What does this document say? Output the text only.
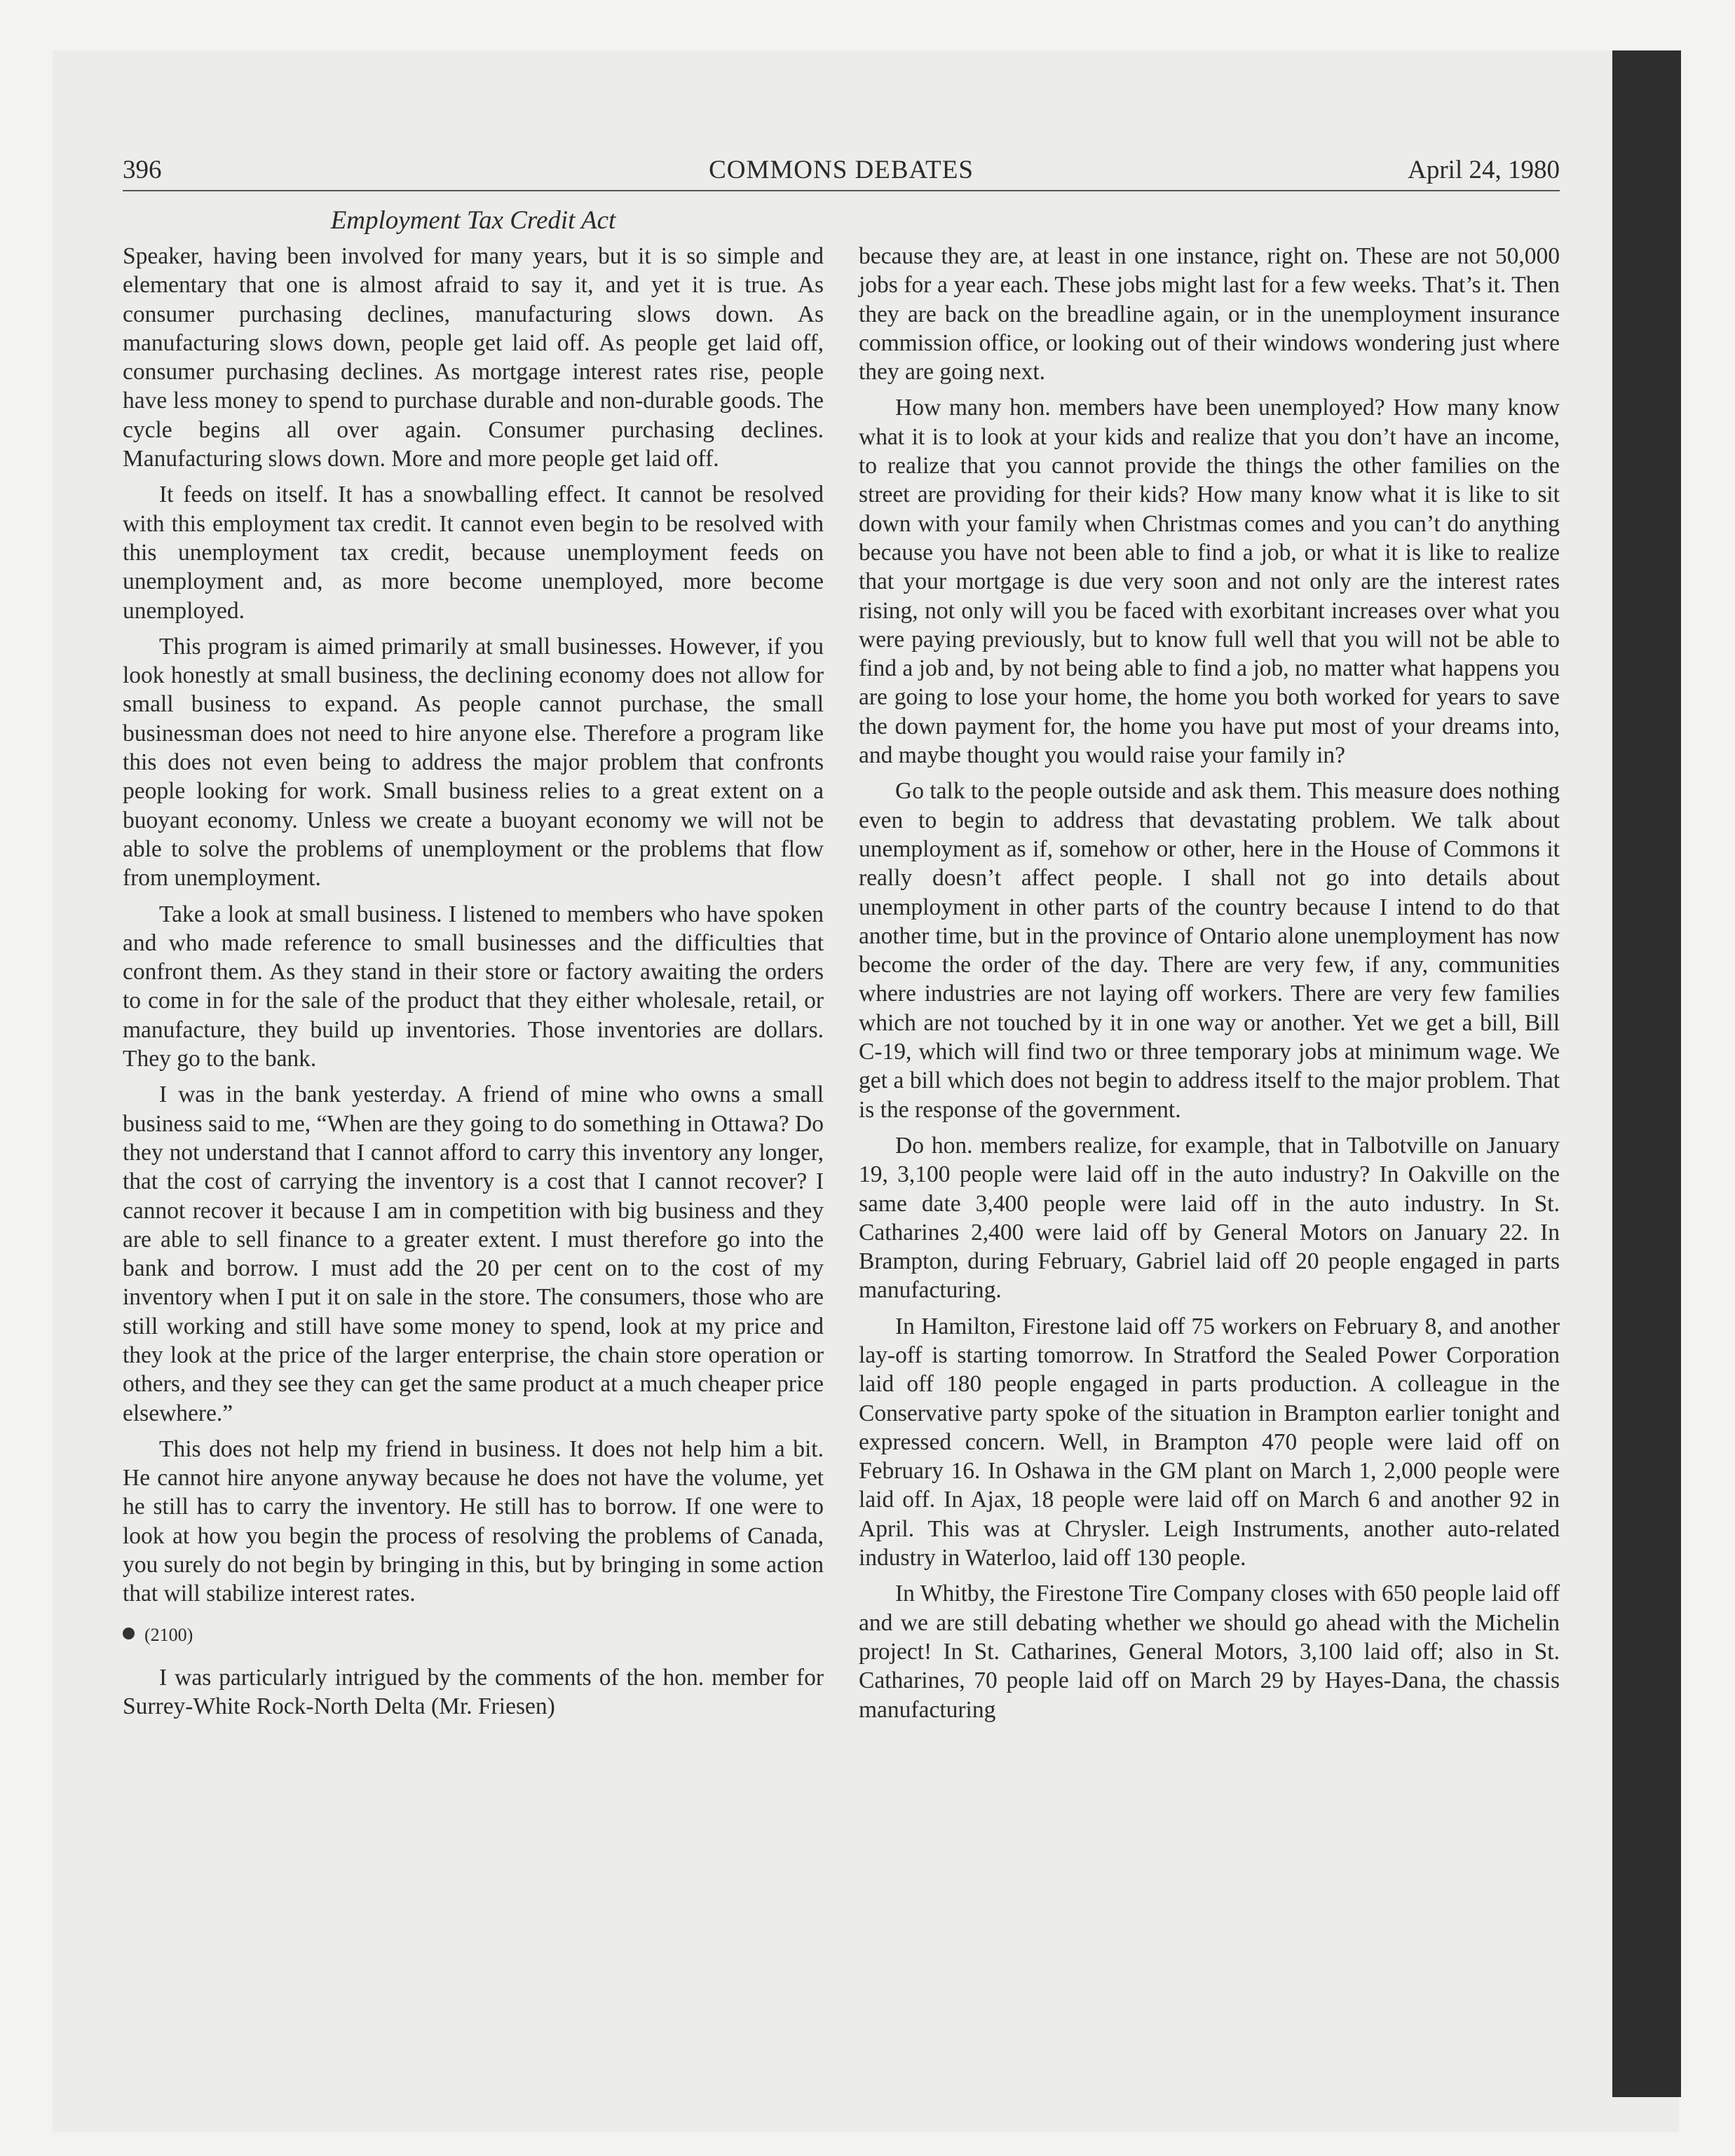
396	COMMONS DEBATES	April 24, 1980
Employment Tax Credit Act

Speaker, having been involved for many years, but it is so simple and elementary that one is almost afraid to say it, and yet it is true. As consumer purchasing declines, manufacturing slows down. As manufacturing slows down, people get laid off. As people get laid off, consumer purchasing declines. As mortgage interest rates rise, people have less money to spend to purchase durable and non-durable goods. The cycle begins all over again. Consumer purchasing declines. Manufacturing slows down. More and more people get laid off.

It feeds on itself. It has a snowballing effect. It cannot be resolved with this employment tax credit. It cannot even begin to be resolved with this unemployment tax credit, because unemployment feeds on unemployment and, as more become unemployed, more become unemployed.

This program is aimed primarily at small businesses. However, if you look honestly at small business, the declining economy does not allow for small business to expand. As people cannot purchase, the small businessman does not need to hire anyone else. Therefore a program like this does not even being to address the major problem that confronts people looking for work. Small business relies to a great extent on a buoyant economy. Unless we create a buoyant economy we will not be able to solve the problems of unemployment or the problems that flow from unemployment.

Take a look at small business. I listened to members who have spoken and who made reference to small businesses and the difficulties that confront them. As they stand in their store or factory awaiting the orders to come in for the sale of the product that they either wholesale, retail, or manufacture, they build up inventories. Those inventories are dollars. They go to the bank.

I was in the bank yesterday. A friend of mine who owns a small business said to me, “When are they going to do something in Ottawa? Do they not understand that I cannot afford to carry this inventory any longer, that the cost of carrying the inventory is a cost that I cannot recover? I cannot recover it because I am in competition with big business and they are able to sell finance to a greater extent. I must therefore go into the bank and borrow. I must add the 20 per cent on to the cost of my inventory when I put it on sale in the store. The consumers, those who are still working and still have some money to spend, look at my price and they look at the price of the larger enterprise, the chain store operation or others, and they see they can get the same product at a much cheaper price elsewhere.”

This does not help my friend in business. It does not help him a bit. He cannot hire anyone anyway because he does not have the volume, yet he still has to carry the inventory. He still has to borrow. If one were to look at how you begin the process of resolving the problems of Canada, you surely do not begin by bringing in this, but by bringing in some action that will stabilize interest rates.

(2100)

I was particularly intrigued by the comments of the hon. member for Surrey-White Rock-North Delta (Mr. Friesen)

because they are, at least in one instance, right on. These are not 50,000 jobs for a year each. These jobs might last for a few weeks. That’s it. Then they are back on the breadline again, or in the unemployment insurance commission office, or looking out of their windows wondering just where they are going next.

How many hon. members have been unemployed? How many know what it is to look at your kids and realize that you don’t have an income, to realize that you cannot provide the things the other families on the street are providing for their kids? How many know what it is like to sit down with your family when Christmas comes and you can’t do anything because you have not been able to find a job, or what it is like to realize that your mortgage is due very soon and not only are the interest rates rising, not only will you be faced with exorbitant increases over what you were paying previously, but to know full well that you will not be able to find a job and, by not being able to find a job, no matter what happens you are going to lose your home, the home you both worked for years to save the down payment for, the home you have put most of your dreams into, and maybe thought you would raise your family in?

Go talk to the people outside and ask them. This measure does nothing even to begin to address that devastating problem. We talk about unemployment as if, somehow or other, here in the House of Commons it really doesn’t affect people. I shall not go into details about unemployment in other parts of the country because I intend to do that another time, but in the province of Ontario alone unemployment has now become the order of the day. There are very few, if any, communities where industries are not laying off workers. There are very few families which are not touched by it in one way or another. Yet we get a bill, Bill C-19, which will find two or three temporary jobs at minimum wage. We get a bill which does not begin to address itself to the major problem. That is the response of the government.

Do hon. members realize, for example, that in Talbotville on January 19, 3,100 people were laid off in the auto industry? In Oakville on the same date 3,400 people were laid off in the auto industry. In St. Catharines 2,400 were laid off by General Motors on January 22. In Brampton, during February, Gabriel laid off 20 people engaged in parts manufacturing.

In Hamilton, Firestone laid off 75 workers on February 8, and another lay-off is starting tomorrow. In Stratford the Sealed Power Corporation laid off 180 people engaged in parts production. A colleague in the Conservative party spoke of the situation in Brampton earlier tonight and expressed concern. Well, in Brampton 470 people were laid off on February 16. In Oshawa in the GM plant on March 1, 2,000 people were laid off. In Ajax, 18 people were laid off on March 6 and another 92 in April. This was at Chrysler. Leigh Instruments, another auto-related industry in Waterloo, laid off 130 people.

In Whitby, the Firestone Tire Company closes with 650 people laid off and we are still debating whether we should go ahead with the Michelin project! In St. Catharines, General Motors, 3,100 laid off; also in St. Catharines, 70 people laid off on March 29 by Hayes-Dana, the chassis manufacturing
